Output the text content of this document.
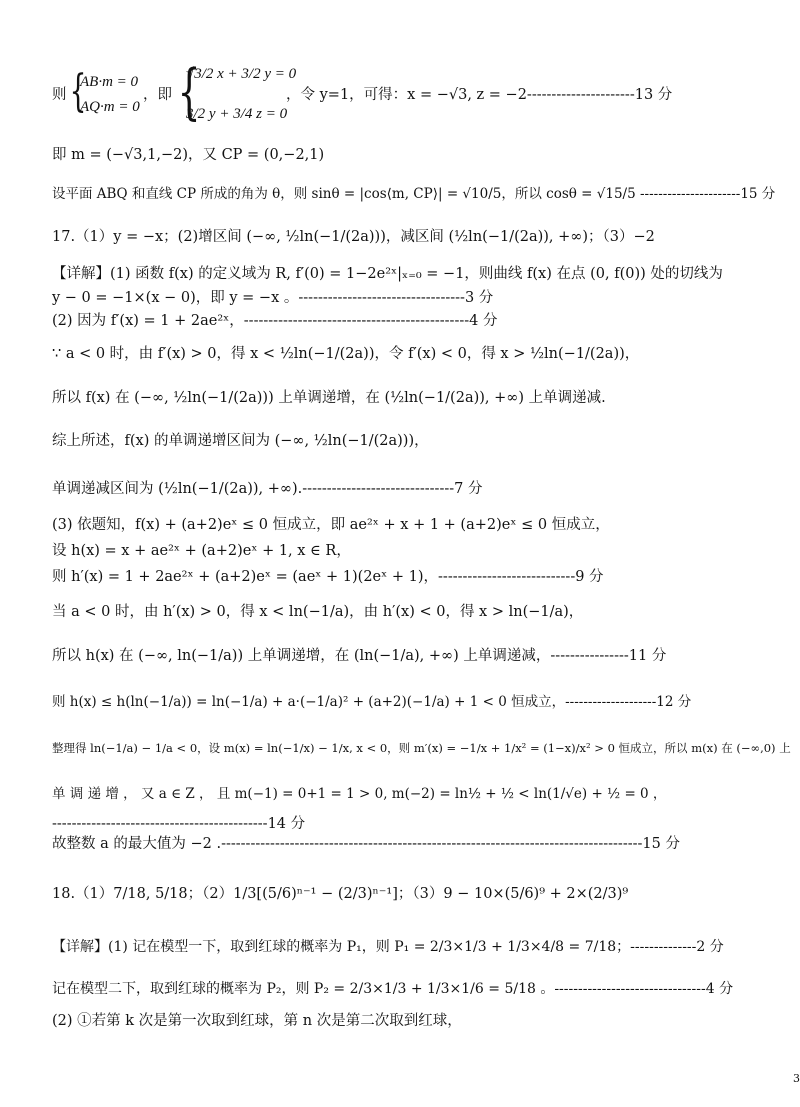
则 {
AB·m = 0
AQ·m = 0
，即 {
√3/2 x + 3/2 y = 0
3/2 y + 3/4 z = 0
，令 y=1，可得：x = −√3, z = −2----------------------13 分
即 m = (−√3,1,−2)，又 CP = (0,−2,1)
设平面 ABQ 和直线 CP 所成的角为 θ，则 sinθ = |cos⟨m, CP⟩| = √10/5，所以 cosθ = √15/5 ----------------------15 分
17.（1）y = −x；(2)增区间 (−∞, ½ln(−1/(2a)))，减区间 (½ln(−1/(2a)), +∞)；（3）−2
【详解】(1) 函数 f(x) 的定义域为 R, f′(0) = 1−2e²ˣ|ₓ₌₀ = −1，则曲线 f(x) 在点 (0, f(0)) 处的切线为
y − 0 = −1×(x − 0)，即 y = −x 。----------------------------------3 分
(2) 因为 f′(x) = 1 + 2ae²ˣ，----------------------------------------------4 分
∵ a < 0 时，由 f′(x) > 0，得 x < ½ln(−1/(2a))，令 f′(x) < 0，得 x > ½ln(−1/(2a))，
所以 f(x) 在 (−∞, ½ln(−1/(2a))) 上单调递增，在 (½ln(−1/(2a)), +∞) 上单调递减.
综上所述，f(x) 的单调递增区间为 (−∞, ½ln(−1/(2a)))，
单调递减区间为 (½ln(−1/(2a)), +∞).-------------------------------7 分
(3) 依题知，f(x) + (a+2)eˣ ≤ 0 恒成立，即 ae²ˣ + x + 1 + (a+2)eˣ ≤ 0 恒成立，
设 h(x) = x + ae²ˣ + (a+2)eˣ + 1, x ∈ R，
则 h′(x) = 1 + 2ae²ˣ + (a+2)eˣ = (aeˣ + 1)(2eˣ + 1)，----------------------------9 分
当 a < 0 时，由 h′(x) > 0，得 x < ln(−1/a)，由 h′(x) < 0，得 x > ln(−1/a)，
所以 h(x) 在 (−∞, ln(−1/a)) 上单调递增，在 (ln(−1/a), +∞) 上单调递减，----------------11 分
则 h(x) ≤ h(ln(−1/a)) = ln(−1/a) + a·(−1/a)² + (a+2)(−1/a) + 1 < 0 恒成立，--------------------12 分
整理得 ln(−1/a) − 1/a < 0，设 m(x) = ln(−1/x) − 1/x, x < 0，则 m′(x) = −1/x + 1/x² = (1−x)/x² > 0 恒成立，所以 m(x) 在 (−∞,0) 上
单 调 递 增 ， 又 a ∈ Z ， 且 m(−1) = 0+1 = 1 > 0, m(−2) = ln½ + ½ < ln(1/√e) + ½ = 0 ，
--------------------------------------------14 分
故整数 a 的最大值为 −2 .--------------------------------------------------------------------------------------15 分
18.（1）7/18, 5/18；（2）1/3[(5/6)ⁿ⁻¹ − (2/3)ⁿ⁻¹]；（3）9 − 10×(5/6)⁹ + 2×(2/3)⁹
【详解】(1) 记在模型一下，取到红球的概率为 P₁，则 P₁ = 2/3×1/3 + 1/3×4/8 = 7/18；--------------2 分
记在模型二下，取到红球的概率为 P₂，则 P₂ = 2/3×1/3 + 1/3×1/6 = 5/18 。--------------------------------4 分
(2) ①若第 k 次是第一次取到红球，第 n 次是第二次取到红球，
3
